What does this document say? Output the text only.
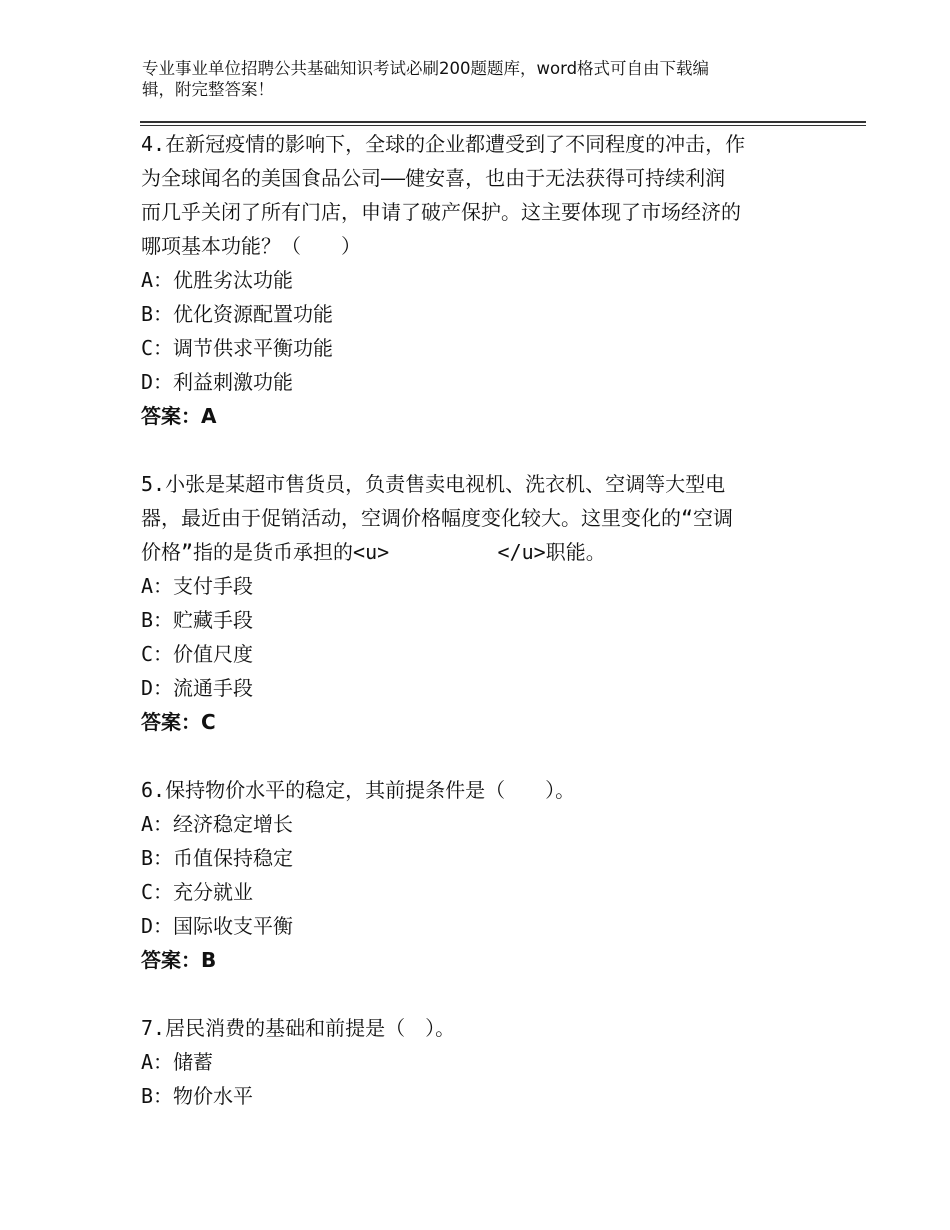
专业事业单位招聘公共基础知识考试必刷200题题库，word格式可自由下载编
辑，附完整答案！
4.在新冠疫情的影响下，全球的企业都遭受到了不同程度的冲击，作
为全球闻名的美国食品公司——健安喜，也由于无法获得可持续利润
而几乎关闭了所有门店，申请了破产保护。这主要体现了市场经济的
哪项基本功能？（　　）
A：优胜劣汰功能
B：优化资源配置功能
C：调节供求平衡功能
D：利益刺激功能
答案：A
5.小张是某超市售货员，负责售卖电视机、洗衣机、空调等大型电
器，最近由于促销活动，空调价格幅度变化较大。这里变化的“空调
价格”指的是货币承担的<u>         </u>职能。
A：支付手段
B：贮藏手段
C：价值尺度
D：流通手段
答案：C
6.保持物价水平的稳定，其前提条件是（　　）。
A：经济稳定增长
B：币值保持稳定
C：充分就业
D：国际收支平衡
答案：B
7.居民消费的基础和前提是（　）。
A：储蓄
B：物价水平
